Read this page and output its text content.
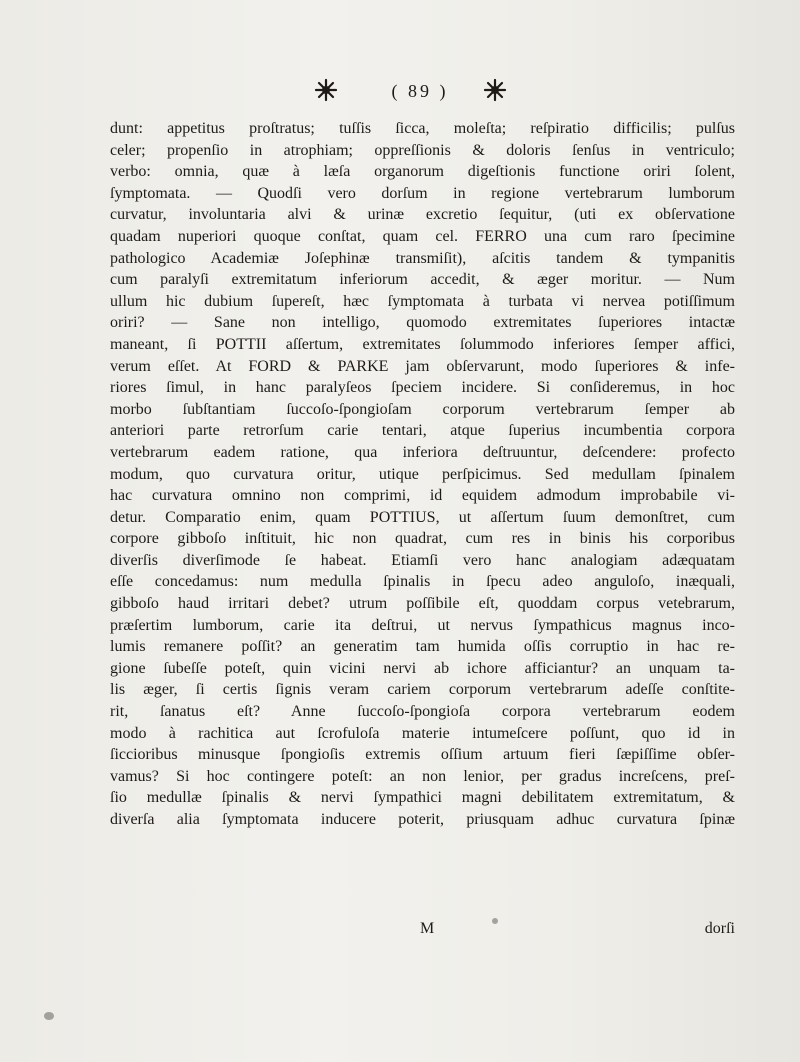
( 89 )
dunt: appetitus proſtratus; tuſſis ſicca, moleſta; reſpiratio difficilis; pulſus
celer; propenſio in atrophiam; oppreſſionis & doloris ſenſus in ventriculo;
verbo: omnia, quæ à læſa organorum digeſtionis functione oriri ſolent,
ſymptomata. — Quodſi vero dorſum in regione vertebrarum lumborum
curvatur, involuntaria alvi & urinæ excretio ſequitur, (uti ex obſervatione
quadam nuperiori quoque conſtat, quam cel. FERRO una cum raro ſpecimine
pathologico Academiæ Joſephinæ transmiſit), aſcitis tandem & tympanitis
cum paralyſi extremitatum inferiorum accedit, & æger moritur. — Num
ullum hic dubium ſupereſt, hæc ſymptomata à turbata vi nervea potiſſimum
oriri? — Sane non intelligo, quomodo extremitates ſuperiores intactæ
maneant, ſi POTTII aſſertum, extremitates ſolummodo inferiores ſemper affici,
verum eſſet. At FORD & PARKE jam obſervarunt, modo ſuperiores & infe-
riores ſimul, in hanc paralyſeos ſpeciem incidere. Si conſideremus, in hoc
morbo ſubſtantiam ſuccoſo-ſpongioſam corporum vertebrarum ſemper ab
anteriori parte retrorſum carie tentari, atque ſuperius incumbentia corpora
vertebrarum eadem ratione, qua inferiora deſtruuntur, deſcendere: profecto
modum, quo curvatura oritur, utique perſpicimus. Sed medullam ſpinalem
hac curvatura omnino non comprimi, id equidem admodum improbabile vi-
detur. Comparatio enim, quam POTTIUS, ut aſſertum ſuum demonſtret, cum
corpore gibboſo inſtituit, hic non quadrat, cum res in binis his corporibus
diverſis diverſimode ſe habeat. Etiamſi vero hanc analogiam adæquatam
eſſe concedamus: num medulla ſpinalis in ſpecu adeo anguloſo, inæquali,
gibboſo haud irritari debet? utrum poſſibile eſt, quoddam corpus vetebrarum,
præſertim lumborum, carie ita deſtrui, ut nervus ſympathicus magnus inco-
lumis remanere poſſit? an generatim tam humida oſſis corruptio in hac re-
gione ſubeſſe poteſt, quin vicini nervi ab ichore afficiantur? an unquam ta-
lis æger, ſi certis ſignis veram cariem corporum vertebrarum adeſſe conſtite-
rit, ſanatus eſt? Anne ſuccoſo-ſpongioſa corpora vertebrarum eodem
modo à rachitica aut ſcrofuloſa materie intumeſcere poſſunt, quo id in
ſiccioribus minusque ſpongioſis extremis oſſium artuum fieri ſæpiſſime obſer-
vamus? Si hoc contingere poteſt: an non lenior, per gradus increſcens, preſ-
ſio medullæ ſpinalis & nervi ſympathici magni debilitatem extremitatum, &
diverſa alia ſymptomata inducere poterit, priusquam adhuc curvatura ſpinæ
M	dorſi
